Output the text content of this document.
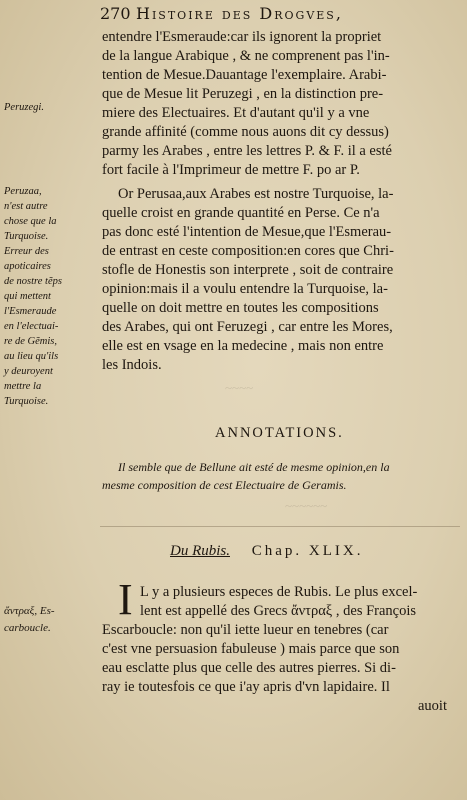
270 Histoire des Drogves,
entendre l'Esmeraude:car ils ignorent la propriet
de la langue Arabique , & ne comprenent pas l'in-
tention de Mesue.Dauantage l'exemplaire. Arabi-
que de Mesue lit Peruzegi , en la distinction pre-
miere des Electuaires. Et d'autant qu'il y a vne
grande affinité (comme nous auons dit cy dessus)
parmy les Arabes , entre les lettres P. & F. il a esté
fort facile à l'Imprimeur de mettre F. po ar P.
Or Perusaa,aux Arabes est nostre Turquoise, la-
quelle croist en grande quantité en Perse. Ce n'a
pas donc esté l'intention de Mesue,que l'Esmerau-
de entrast en ceste composition:en cores que Chri-
stofle de Honestis son interprete , soit de contraire
opinion:mais il a voulu entendre la Turquoise, la-
quelle on doit mettre en toutes les compositions
des Arabes, qui ont Feruzegi , car entre les Mores,
elle est en vsage en la medecine , mais non entre
les Indois.
Peruzegi.
Peruzaa,
n'est autre
chose que la
Turquoise.
Erreur des
apoticaires
de nostre tẽps
qui mettent
l'Esmeraude
en l'electuai-
re de Gẽmis,
au lieu qu'ils
y deuroyent
mettre la
Turquoise.
~~~~
~~~~~~
ANNOTATIONS.
Il semble que de Bellune ait esté de mesme opinion,en la
mesme composition de cest Electuaire de Geramis.
Du Rubis. Chap. XLIX.
I
ἄντραξ, Es-
carboucle.
L y a plusieurs especes de Rubis. Le plus excel-
lent est appellé des Grecs ἄντραξ , des François
Escarboucle: non qu'il iette lueur en tenebres (car
c'est vne persuasion fabuleuse ) mais parce que son
eau esclatte plus que celle des autres pierres. Si di-
ray ie toutesfois ce que i'ay apris d'vn lapidaire. Il
auoit
